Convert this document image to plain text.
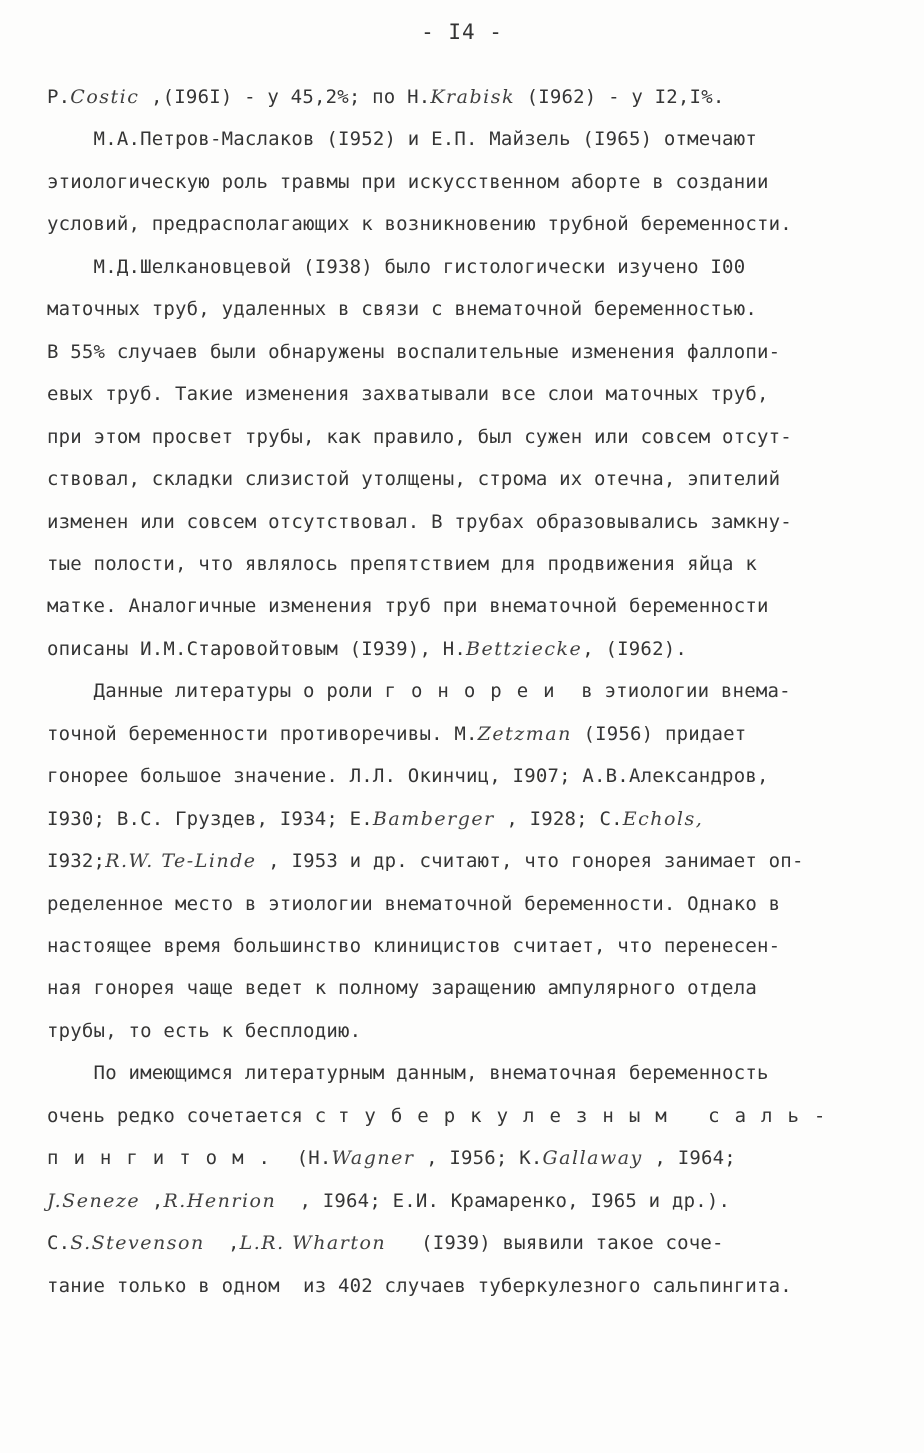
- I4 -
Р.Costic ,(I96I) - у 45,2%; по Н.Krabisk (I962) - у I2,I%.
М.А.Петров-Маслаков (I952) и Е.П. Майзель (I965) отмечают
этиологическую роль травмы при искусственном аборте в создании
условий, предрасполагающих к возникновению трубной беременности.
М.Д.Шелкановцевой (I938) было гистологически изучено I00
маточных труб, удаленных в связи с внематочной беременностью.
В 55% случаев были обнаружены воспалительные изменения фаллопи-
евых труб. Такие изменения захватывали все слои маточных труб,
при этом просвет трубы, как правило, был сужен или совсем отсут-
ствовал, складки слизистой утолщены, строма их отечна, эпителий
изменен или совсем отсутствовал. В трубах образовывались замкну-
тые полости, что являлось препятствием для продвижения яйца к
матке. Аналогичные изменения труб при внематочной беременности
описаны И.М.Старовойтовым (I939), Н.Bettziecke, (I962).
Данные литературы о роли гонореи в этиологии внема-
точной беременности противоречивы. М.Zetzman (I956) придает
гонорее большое значение. Л.Л. Окинчиц, I907; А.В.Александров,
I930; В.С. Груздев, I934; E.Bamberger , I928; C.Echols,
I932;R.W. Te-Linde , I953 и др. считают, что гонорея занимает оп-
ределенное место в этиологии внематочной беременности. Однако в
настоящее время большинство клиницистов считает, что перенесен-
ная гонорея чаще ведет к полному заращению ампулярного отдела
трубы, то есть к бесплодию.
По имеющимся литературным данным, внематочная беременность
очень редко сочетается с туберкулезным саль-
пингитом. (Н.Wagner , I956; K.Gallaway , I964;
J.Seneze ,R.Henrion  , I964; Е.И. Крамаренко, I965 и др.).
C.S.Stevenson  ,L.R. Wharton   (I939) выявили такое сочe-
тание только в одном  из 402 случаев туберкулезного сальпингита.
